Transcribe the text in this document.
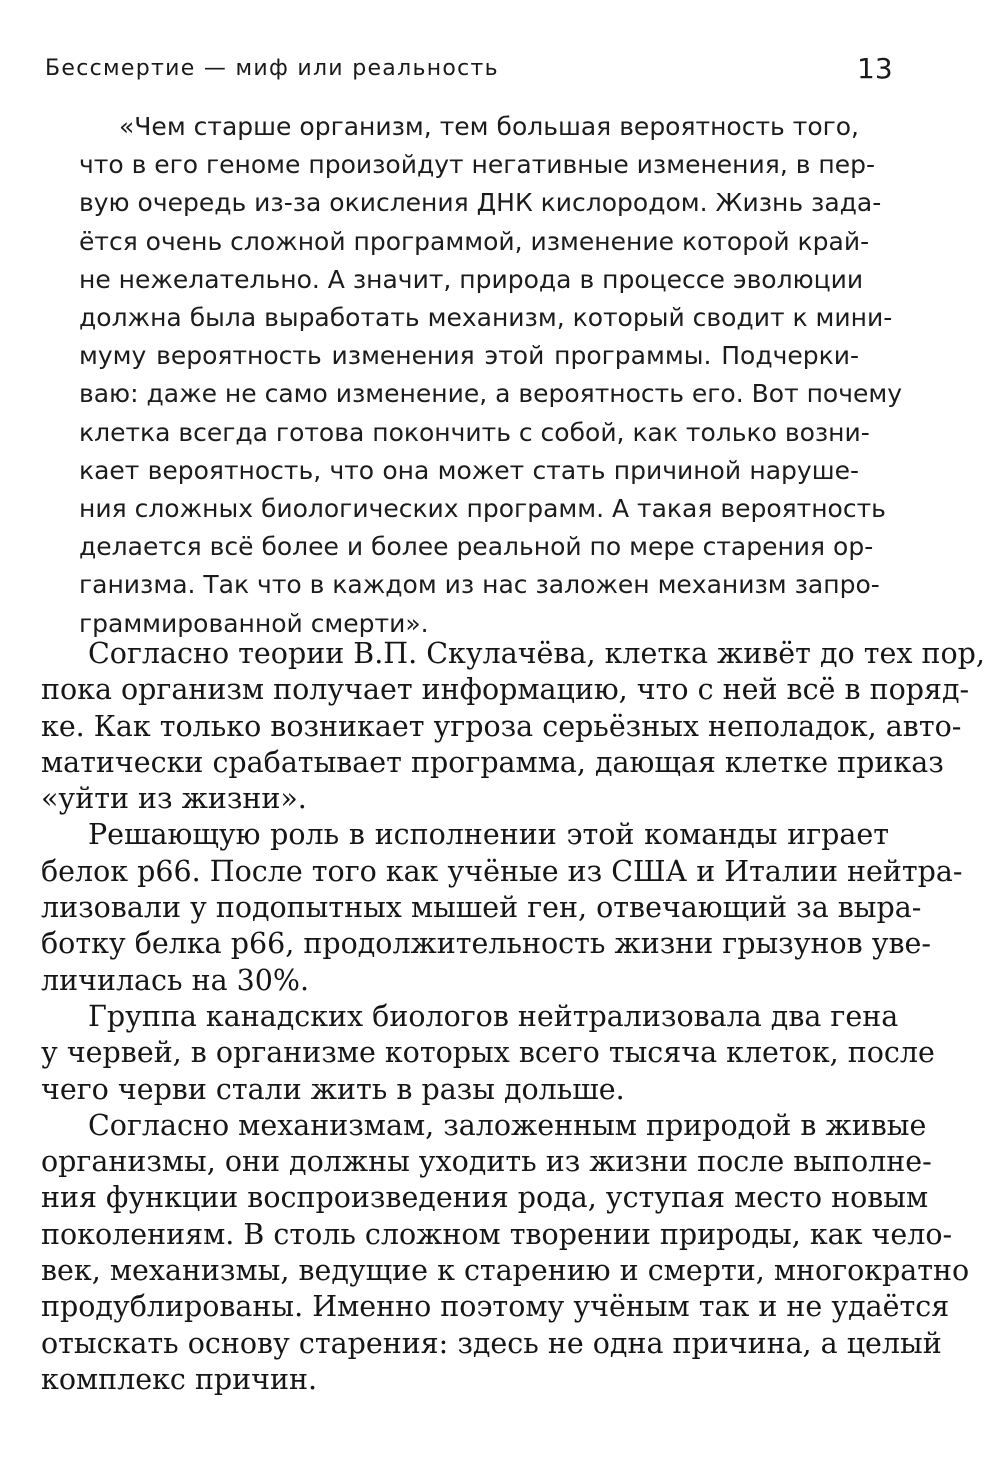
Бессмертие — миф или реальность	13
«Чем старше организм, тем большая вероятность того,
что в его геноме произойдут негативные изменения, в пер-
вую очередь из-за окисления ДНК кислородом. Жизнь зада-
ётся очень сложной программой, изменение которой край-
не нежелательно. А значит, природа в процессе эволюции
должна была выработать механизм, который сводит к мини-
муму вероятность изменения этой программы. Подчерки-
ваю: даже не само изменение, а вероятность его. Вот почему
клетка всегда готова покончить с собой, как только возни-
кает вероятность, что она может стать причиной наруше-
ния сложных биологических программ. А такая вероятность
делается всё более и более реальной по мере старения ор-
ганизма. Так что в каждом из нас заложен механизм запро-
граммированной смерти».
Согласно теории В.П. Скулачёва, клетка живёт до тех пор,
пока организм получает информацию, что с ней всё в поряд-
ке. Как только возникает угроза серьёзных неполадок, авто-
матически срабатывает программа, дающая клетке приказ
«уйти из жизни».
Решающую роль в исполнении этой команды играет
белок p66. После того как учёные из США и Италии нейтра-
лизовали у подопытных мышей ген, отвечающий за выра-
ботку белка p66, продолжительность жизни грызунов уве-
личилась на 30%.
Группа канадских биологов нейтрализовала два гена
у червей, в организме которых всего тысяча клеток, после
чего черви стали жить в разы дольше.
Согласно механизмам, заложенным природой в живые
организмы, они должны уходить из жизни после выполне-
ния функции воспроизведения рода, уступая место новым
поколениям. В столь сложном творении природы, как чело-
век, механизмы, ведущие к старению и смерти, многократно
продублированы. Именно поэтому учёным так и не удаётся
отыскать основу старения: здесь не одна причина, а целый
комплекс причин.
